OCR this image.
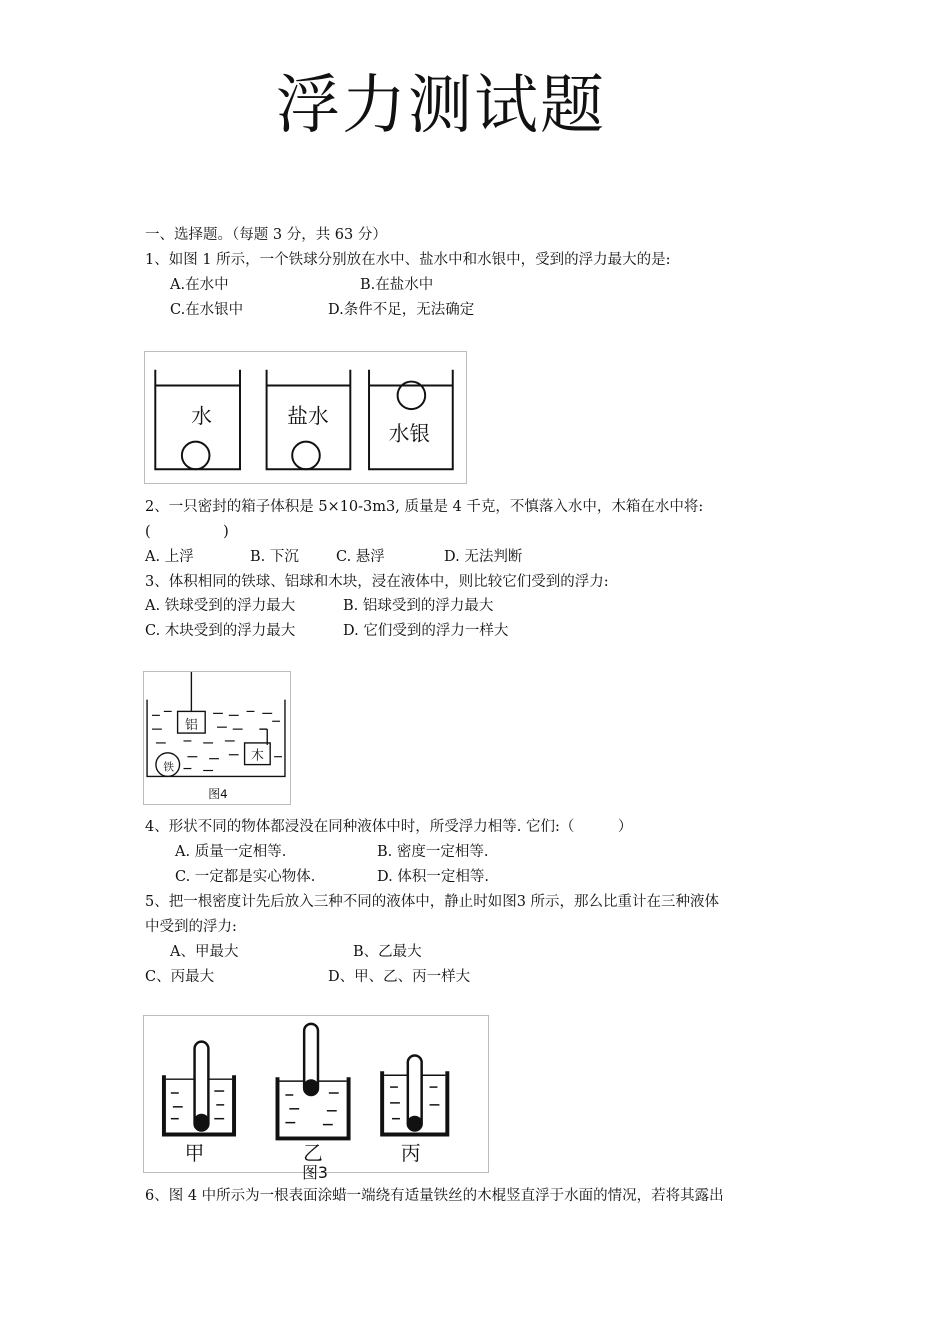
浮力测试题
一、选择题。（每题 3 分，共 63 分）
1、如图 1 所示，一个铁球分别放在水中、盐水中和水银中，受到的浮力最大的是:
A.在水中	B.在盐水中
C.在水银中	D.条件不足，无法确定
水	盐水
水银
2、一只密封的箱子体积是 5×10-3m3, 质量是 4 千克，不慎落入水中，木箱在水中将:
(　　　　　)
A. 上浮	B. 下沉	C. 悬浮	D. 无法判断
3、体积相同的铁球、铝球和木块，浸在液体中，则比较它们受到的浮力:
A. 铁球受到的浮力最大	B. 铝球受到的浮力最大
C. 木块受到的浮力最大	D. 它们受到的浮力一样大
铝
木
铁
图4
4、形状不同的物体都浸没在同种液体中时，所受浮力相等. 它们:（　　　）
A. 质量一定相等.	B. 密度一定相等.
C. 一定都是实心物体.	D. 体积一定相等.
5、把一根密度计先后放入三种不同的液体中，静止时如图3 所示，那么比重计在三种液体
中受到的浮力:
A、甲最大	B、乙最大
C、丙最大	D、甲、乙、丙一样大
甲	乙	丙
图3
6、图 4 中所示为一根表面涂蜡一端绕有适量铁丝的木棍竖直浮于水面的情况，若将其露出
